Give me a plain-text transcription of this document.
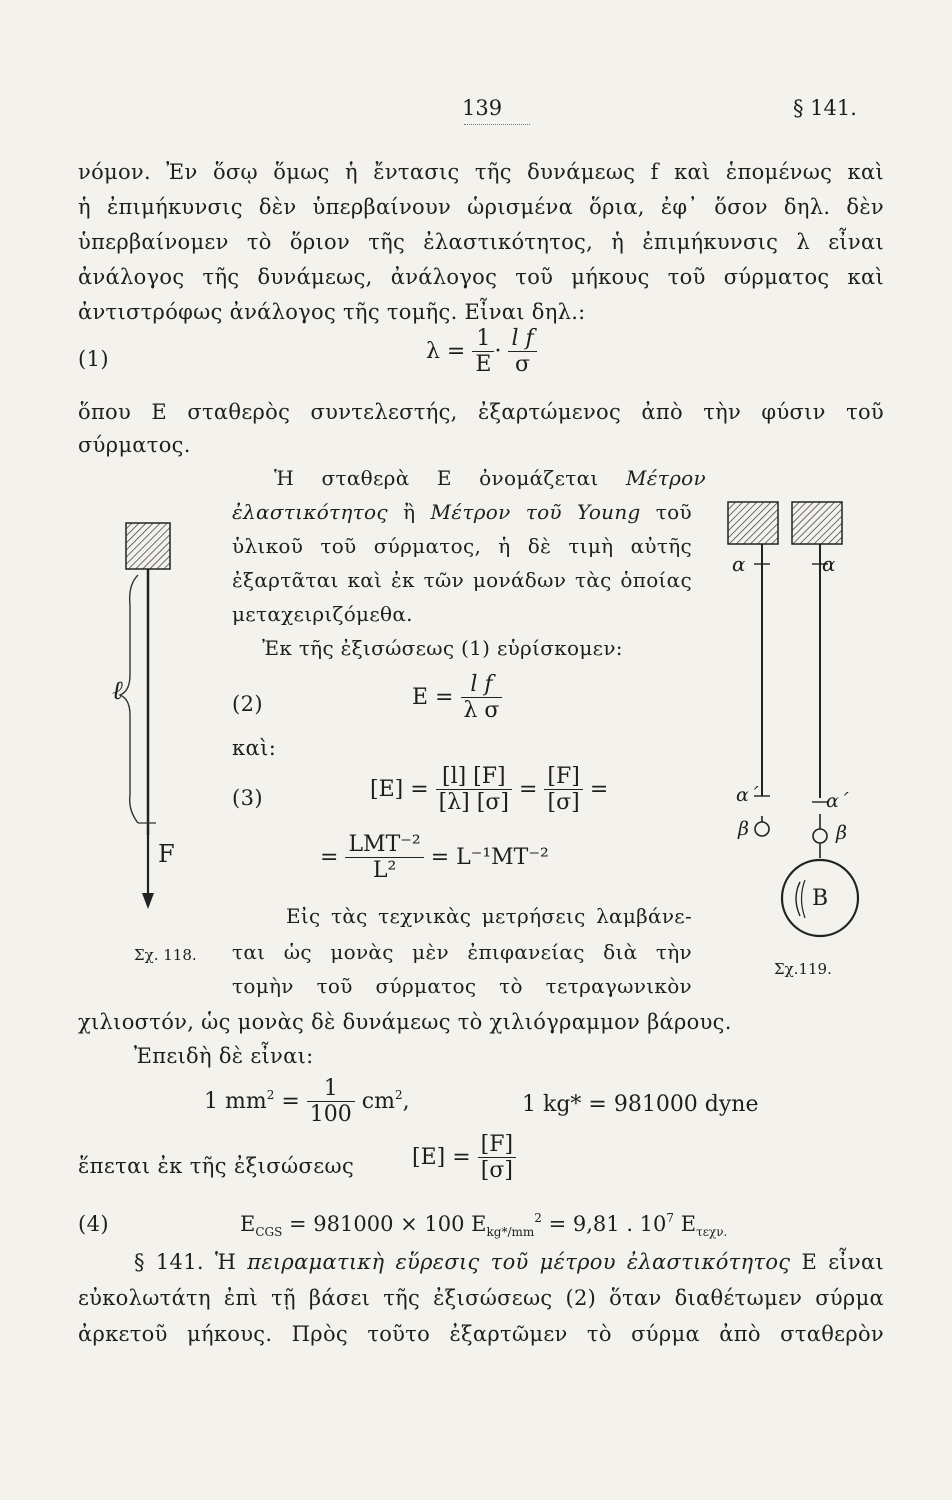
139	§ 141.
νόμον. Ἐν ὅσῳ ὅμως ἡ ἔντασις τῆς δυνάμεως f καὶ ἑπομένως καὶ
ἡ ἐπιμήκυνσις δὲν ὑπερβαίνουν ὡρισμένα ὅρια, ἐφ᾽ ὅσον δηλ. δὲν
ὑπερβαίνομεν τὸ ὅριον τῆς ἐλαστικότητος, ἡ ἐπιμήκυνσις λ εἶναι
ἀνάλογος τῆς δυνάμεως, ἀνάλογος τοῦ μήκους τοῦ σύρματος καὶ
ἀντιστρόφως ἀνάλογος τῆς τομῆς. Εἶναι δηλ.:
(1)	$\lambda = \frac{1}{E} \cdot \frac{\text{l f}}{\sigma}$
ὅπου E σταθερὸς συντελεστής, ἐξαρτώμενος ἀπὸ τὴν φύσιν τοῦ
σύρματος.
Ἡ σταθερὰ E ὀνομάζεται Μέτρον
ἐλαστικότητος ἢ Μέτρον τοῦ Young τοῦ
ὑλικοῦ τοῦ σύρματος, ἡ δὲ τιμὴ αὐτῆς
ἐξαρτᾶται καὶ ἐκ τῶν μονάδων τὰς ὁποίας
μεταχειριζόμεθα.
Ἐκ τῆς ἐξισώσεως (1) εὑρίσκομεν:
(2)	$E = \frac{\text{l f}}{\text{λ σ}}$
καὶ:
(3)	$[E] = \frac{[l] [F]}{[\lambda] [\sigma]} = \frac{[F]}{[\sigma]}$ =
= $\frac{\text{LMT⁻²}}{\text{L²}} = L^{-1}MT^{-2}$
Εἰς τὰς τεχνικὰς μετρήσεις λαμβάνε-
ται ὡς μονὰς μὲν ἐπιφανείας διὰ τὴν
τομὴν τοῦ σύρματος τὸ τετραγωνικὸν
χιλιοστόν, ὡς μονὰς δὲ δυνάμεως τὸ χιλιόγραμμον βάρους.
Ἐπειδὴ δὲ εἶναι:
1 $mm^2 = \frac{1}{100} cm^2$,	1 kg* = 981000 dyne
ἕπεται ἐκ τῆς ἐξισώσεως	$[E] = \frac{[F]}{[\sigma]}$
(4)	$E_{CGS} = 981000 \times 100$ $E_{kg*/mm}^2 = 9,81$ . $10^7$ $E_{\tau\varepsilon\chi\nu.}$
§ 141. Ἡ πειραματικὴ εὕρεσις τοῦ μέτρου ἐλαστικότητος E εἶναι
εὐκολωτάτη ἐπὶ τῇ βάσει τῆς ἐξισώσεως (2) ὅταν διαθέτωμεν σύρμα
ἀρκετοῦ μήκους. Πρὸς τοῦτο ἐξαρτῶμεν τὸ σύρμα ἀπὸ σταθερὸν
ℓ
F
Σχ. 118.
α	α
α΄	α΄
β	β
B
Σχ.119.
